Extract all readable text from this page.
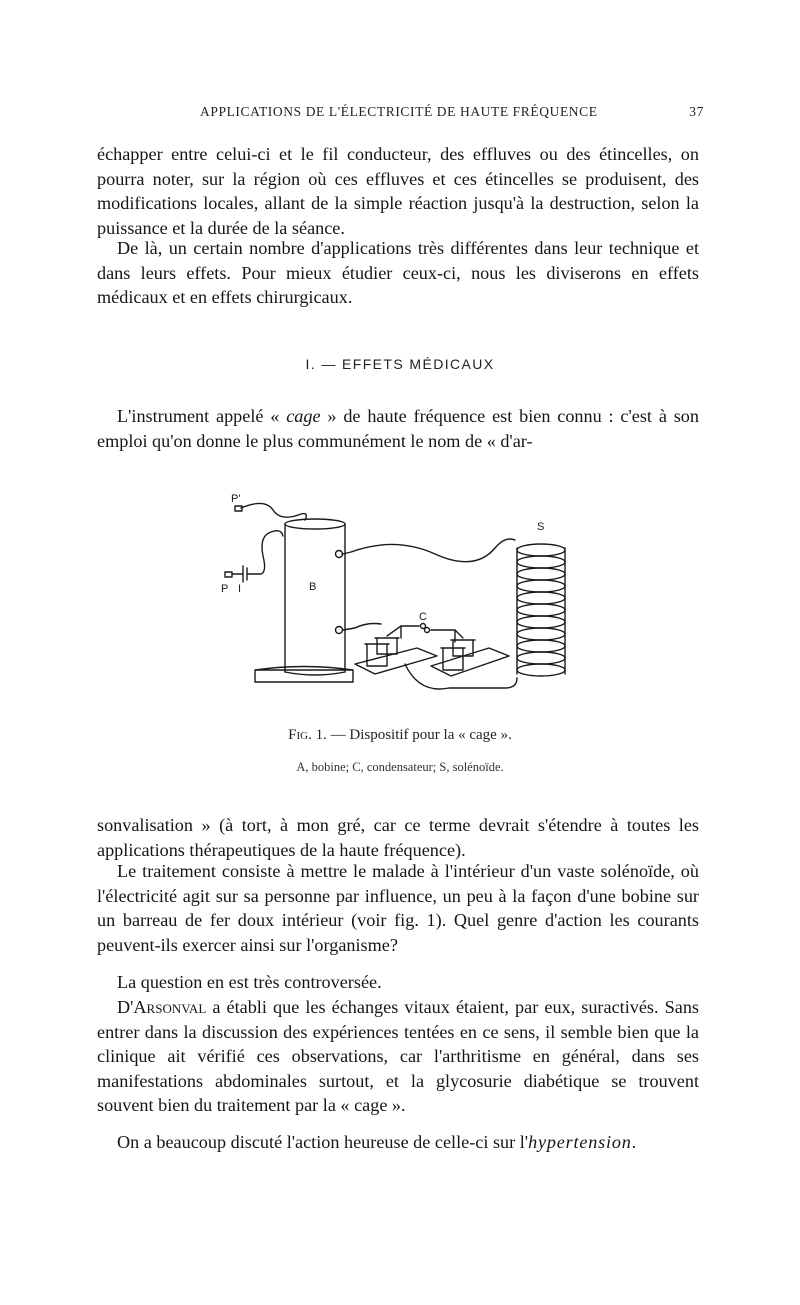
APPLICATIONS DE L'ÉLECTRICITÉ DE HAUTE FRÉQUENCE	37

échapper entre celui-ci et le fil conducteur, des effluves ou des étincelles, on pourra noter, sur la région où ces effluves et ces étincelles se produisent, des modifications locales, allant de la simple réaction jusqu'à la destruction, selon la puissance et la durée de la séance.

De là, un certain nombre d'applications très différentes dans leur technique et dans leurs effets. Pour mieux étudier ceux-ci, nous les diviserons en effets médicaux et en effets chirurgicaux.

I. — EFFETS MÉDICAUX

L'instrument appelé « cage » de haute fréquence est bien connu : c'est à son emploi qu'on donne le plus communément le nom de « d'ar-

P'
P I	B
C
S
Fig. 1. — Dispositif pour la « cage ».
A, bobine; C, condensateur; S, solénoïde.

sonvalisation » (à tort, à mon gré, car ce terme devrait s'étendre à toutes les applications thérapeutiques de la haute fréquence).

Le traitement consiste à mettre le malade à l'intérieur d'un vaste solénoïde, où l'électricité agit sur sa personne par influence, un peu à la façon d'une bobine sur un barreau de fer doux intérieur (voir fig. 1). Quel genre d'action les courants peuvent-ils exercer ainsi sur l'organisme?

La question en est très controversée.

D'Arsonval a établi que les échanges vitaux étaient, par eux, suractivés. Sans entrer dans la discussion des expériences tentées en ce sens, il semble bien que la clinique ait vérifié ces observations, car l'arthritisme en général, dans ses manifestations abdominales surtout, et la glycosurie diabétique se trouvent souvent bien du traitement par la « cage ».

On a beaucoup discuté l'action heureuse de celle-ci sur l'hypertension.
